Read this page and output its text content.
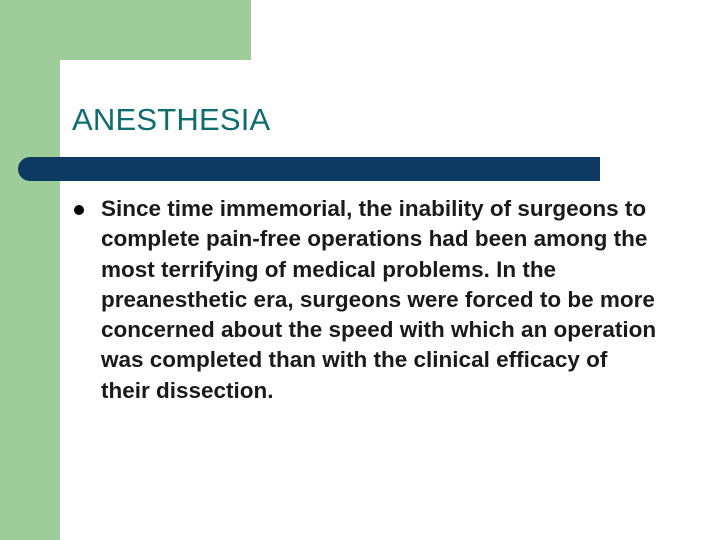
ANESTHESIA

Since time immemorial, the inability of surgeons to complete pain-free operations had been among the most terrifying of medical problems. In the preanesthetic era, surgeons were forced to be more concerned about the speed with which an operation was completed than with the clinical efficacy of their dissection.
